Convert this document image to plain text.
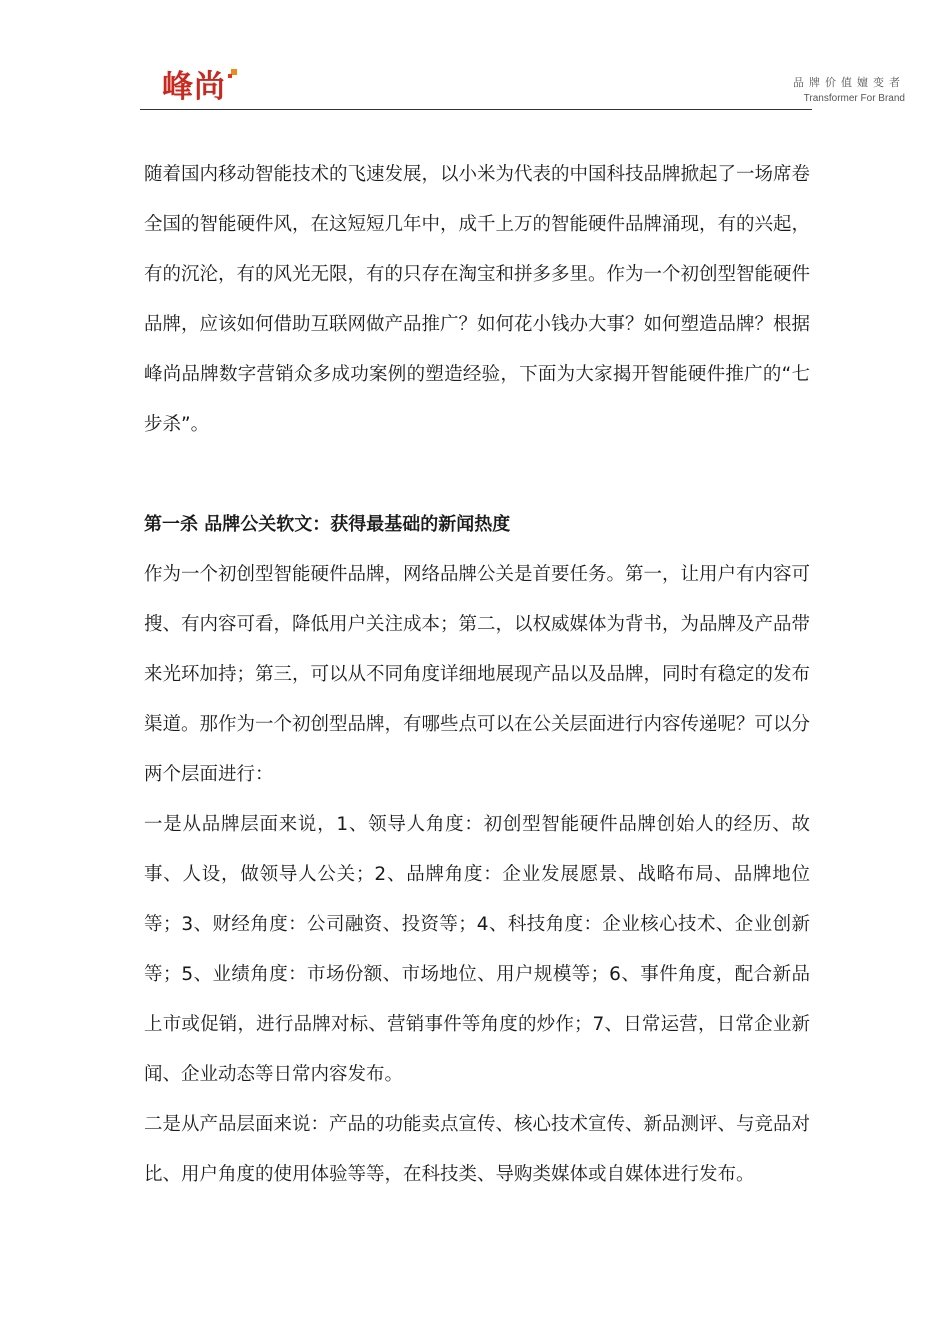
峰尚	品牌价值嬗变者
Transformer For Brand

随着国内移动智能技术的飞速发展，以小米为代表的中国科技品牌掀起了一场席卷全国的智能硬件风，在这短短几年中，成千上万的智能硬件品牌涌现，有的兴起，有的沉沦，有的风光无限，有的只存在淘宝和拼多多里。作为一个初创型智能硬件品牌，应该如何借助互联网做产品推广？如何花小钱办大事？如何塑造品牌？根据峰尚品牌数字营销众多成功案例的塑造经验，下面为大家揭开智能硬件推广的“七步杀”。

第一杀 品牌公关软文：获得最基础的新闻热度

作为一个初创型智能硬件品牌，网络品牌公关是首要任务。第一，让用户有内容可搜、有内容可看，降低用户关注成本；第二，以权威媒体为背书，为品牌及产品带来光环加持；第三，可以从不同角度详细地展现产品以及品牌，同时有稳定的发布渠道。那作为一个初创型品牌，有哪些点可以在公关层面进行内容传递呢？可以分两个层面进行：

一是从品牌层面来说，1、领导人角度：初创型智能硬件品牌创始人的经历、故事、人设，做领导人公关；2、品牌角度：企业发展愿景、战略布局、品牌地位等；3、财经角度：公司融资、投资等；4、科技角度：企业核心技术、企业创新等；5、业绩角度：市场份额、市场地位、用户规模等；6、事件角度，配合新品上市或促销，进行品牌对标、营销事件等角度的炒作；7、日常运营，日常企业新闻、企业动态等日常内容发布。

二是从产品层面来说：产品的功能卖点宣传、核心技术宣传、新品测评、与竞品对比、用户角度的使用体验等等，在科技类、导购类媒体或自媒体进行发布。
